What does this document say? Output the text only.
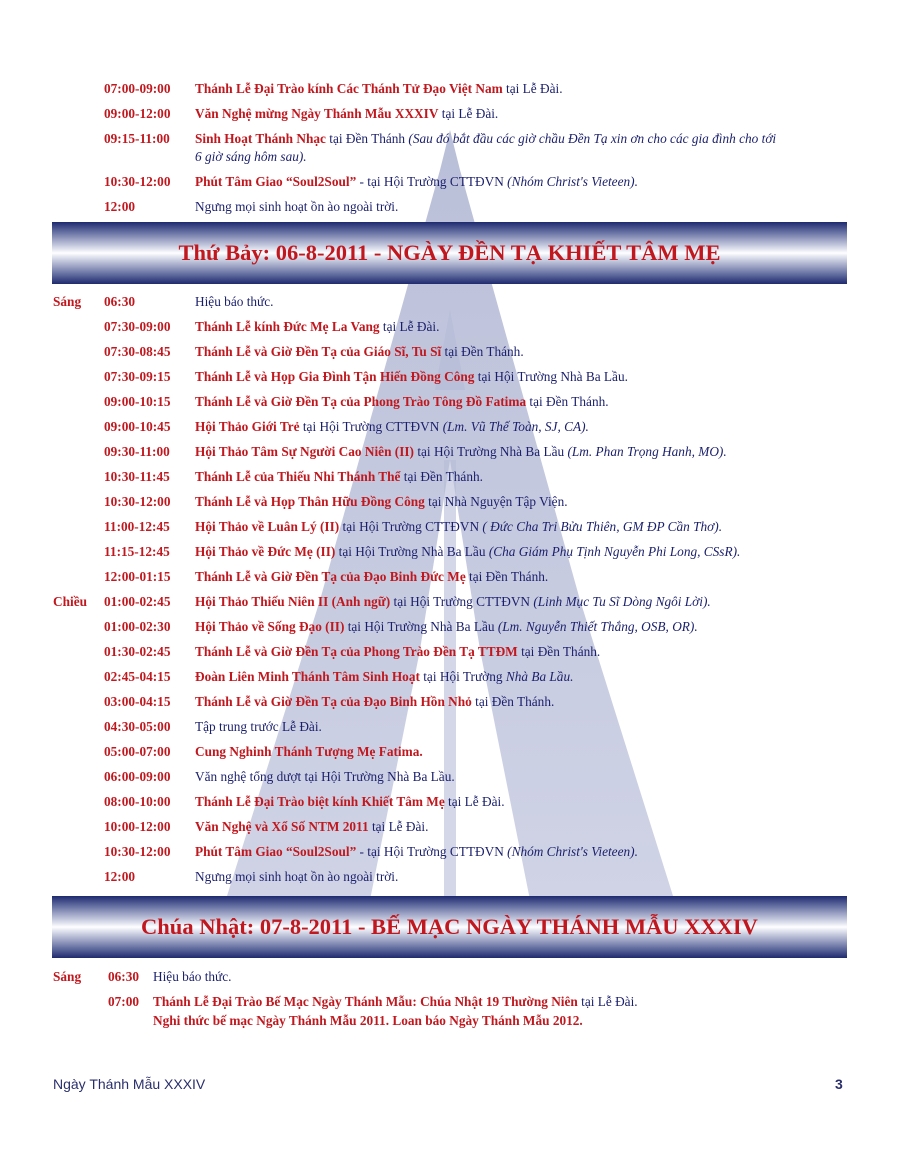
07:00-09:00 Thánh Lễ Đại Trào kính Các Thánh Tử Đạo Việt Nam tại Lễ Đài.
09:00-12:00 Văn Nghệ mừng Ngày Thánh Mẫu XXXIV tại Lễ Đài.
09:15-11:00 Sinh Hoạt Thánh Nhạc tại Đền Thánh (Sau đó bắt đầu các giờ chầu Đền Tạ xin ơn cho các gia đình cho tới
6 giờ sáng hôm sau).
10:30-12:00 Phút Tâm Giao “Soul2Soul” - tại Hội Trường CTTĐVN (Nhóm Christ's Vieteen).
12:00	Ngưng mọi sinh hoạt ồn ào ngoài trời.
Thứ Bảy: 06-8-2011 - NGÀY ĐỀN TẠ KHIẾT TÂM MẸ
Sáng 06:30	Hiệu báo thức.
07:30-09:00 Thánh Lễ kính Đức Mẹ La Vang tại Lễ Đài.
07:30-08:45 Thánh Lễ và Giờ Đền Tạ của Giáo Sĩ, Tu Sĩ tại Đền Thánh.
07:30-09:15 Thánh Lễ và Họp Gia Đình Tận Hiến Đồng Công tại Hội Trường Nhà Ba Lầu.
09:00-10:15 Thánh Lễ và Giờ Đền Tạ của Phong Trào Tông Đồ Fatima tại Đền Thánh.
09:00-10:45 Hội Thảo Giới Trẻ tại Hội Trường CTTĐVN (Lm. Vũ Thế Toàn, SJ, CA).
09:30-11:00 Hội Thảo Tâm Sự Người Cao Niên (II) tại Hội Trường Nhà Ba Lầu (Lm. Phan Trọng Hanh, MO).
10:30-11:45 Thánh Lễ của Thiếu Nhi Thánh Thể tại Đền Thánh.
10:30-12:00 Thánh Lễ và Họp Thân Hữu Đồng Công tại Nhà Nguyện Tập Viện.
11:00-12:45 Hội Thảo về Luân Lý (II) tại Hội Trường CTTĐVN ( Đức Cha Tri Bửu Thiên, GM ĐP Cần Thơ).
11:15-12:45 Hội Thảo về Đức Mẹ (II) tại Hội Trường Nhà Ba Lầu (Cha Giám Phụ Tịnh Nguyễn Phi Long, CSsR).
12:00-01:15 Thánh Lễ và Giờ Đền Tạ của Đạo Binh Đức Mẹ tại Đền Thánh.
Chiều 01:00-02:45 Hội Thảo Thiếu Niên II (Anh ngữ) tại Hội Trường CTTĐVN (Linh Mục Tu Sĩ Dòng Ngôi Lời).
01:00-02:30 Hội Thảo về Sống Đạo (II) tại Hội Trường Nhà Ba Lầu (Lm. Nguyễn Thiết Thắng, OSB, OR).
01:30-02:45 Thánh Lễ và Giờ Đền Tạ của Phong Trào Đền Tạ TTĐM tại Đền Thánh.
02:45-04:15 Đoàn Liên Minh Thánh Tâm Sinh Hoạt tại Hội Trường Nhà Ba Lầu.
03:00-04:15 Thánh Lễ và Giờ Đền Tạ của Đạo Binh Hồn Nhỏ tại Đền Thánh.
04:30-05:00 Tập trung trước Lễ Đài.
05:00-07:00 Cung Nghinh Thánh Tượng Mẹ Fatima.
06:00-09:00 Văn nghệ tổng dượt tại Hội Trường Nhà Ba Lầu.
08:00-10:00 Thánh Lễ Đại Trào biệt kính Khiết Tâm Mẹ tại Lễ Đài.
10:00-12:00 Văn Nghệ và Xổ Số NTM 2011 tại Lễ Đài.
10:30-12:00 Phút Tâm Giao “Soul2Soul” - tại Hội Trường CTTĐVN (Nhóm Christ's Vieteen).
12:00	Ngưng mọi sinh hoạt ồn ào ngoài trời.
Chúa Nhật: 07-8-2011 - BẾ MẠC NGÀY THÁNH MẪU XXXIV
Sáng 06:30 Hiệu báo thức.
07:00 Thánh Lễ Đại Trào Bế Mạc Ngày Thánh Mẫu: Chúa Nhật 19 Thường Niên tại Lễ Đài.
Nghi thức bế mạc Ngày Thánh Mẫu 2011. Loan báo Ngày Thánh Mẫu 2012.
Ngày Thánh Mẫu XXXIV	3
